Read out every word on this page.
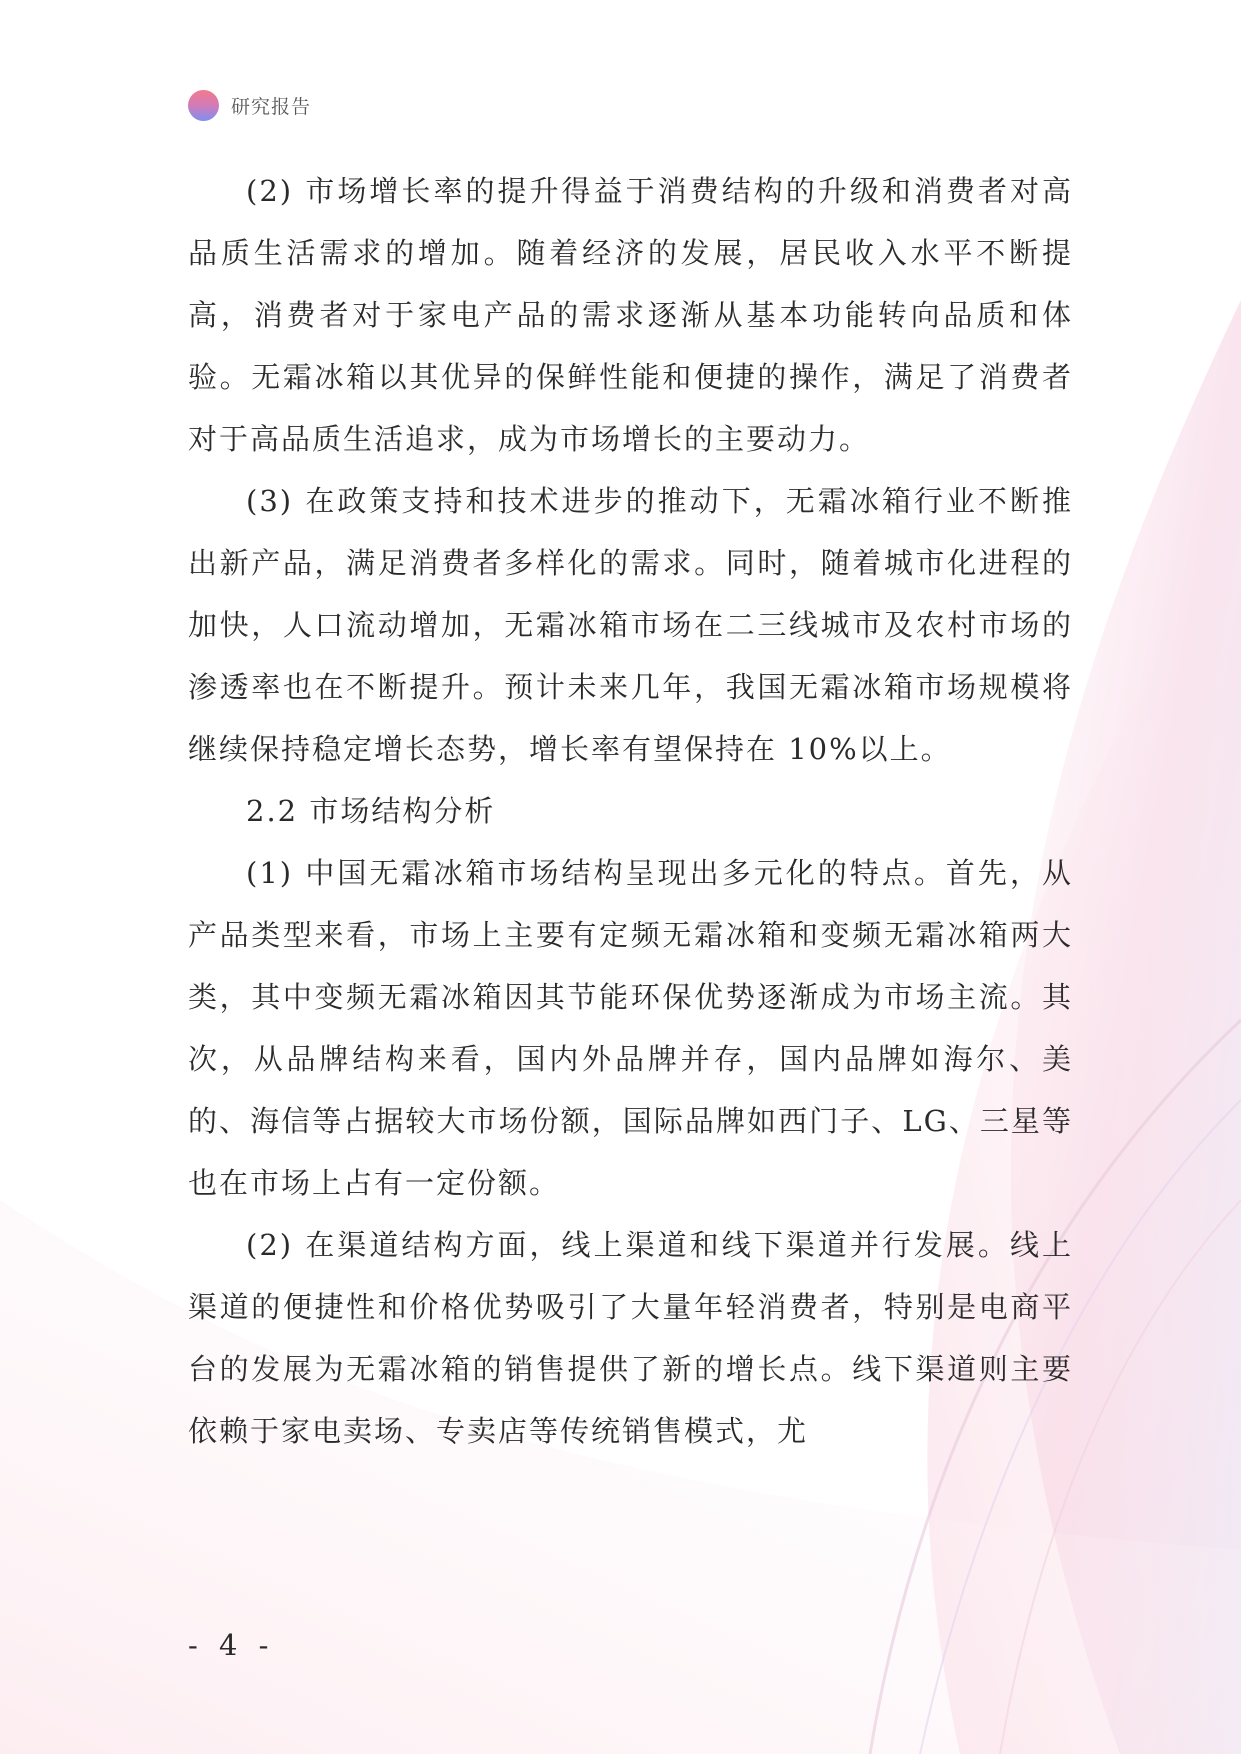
研究报告

(2) 市场增长率的提升得益于消费结构的升级和消费者对高品质生活需求的增加。随着经济的发展，居民收入水平不断提高，消费者对于家电产品的需求逐渐从基本功能转向品质和体验。无霜冰箱以其优异的保鲜性能和便捷的操作，满足了消费者对于高品质生活追求，成为市场增长的主要动力。

(3) 在政策支持和技术进步的推动下，无霜冰箱行业不断推出新产品，满足消费者多样化的需求。同时，随着城市化进程的加快，人口流动增加，无霜冰箱市场在二三线城市及农村市场的渗透率也在不断提升。预计未来几年，我国无霜冰箱市场规模将继续保持稳定增长态势，增长率有望保持在 10%以上。

2.2 市场结构分析

(1) 中国无霜冰箱市场结构呈现出多元化的特点。首先，从产品类型来看，市场上主要有定频无霜冰箱和变频无霜冰箱两大类，其中变频无霜冰箱因其节能环保优势逐渐成为市场主流。其次，从品牌结构来看，国内外品牌并存，国内品牌如海尔、美的、海信等占据较大市场份额，国际品牌如西门子、LG、三星等也在市场上占有一定份额。

(2) 在渠道结构方面，线上渠道和线下渠道并行发展。线上渠道的便捷性和价格优势吸引了大量年轻消费者，特别是电商平台的发展为无霜冰箱的销售提供了新的增长点。线下渠道则主要依赖于家电卖场、专卖店等传统销售模式，尤

- 4 -
